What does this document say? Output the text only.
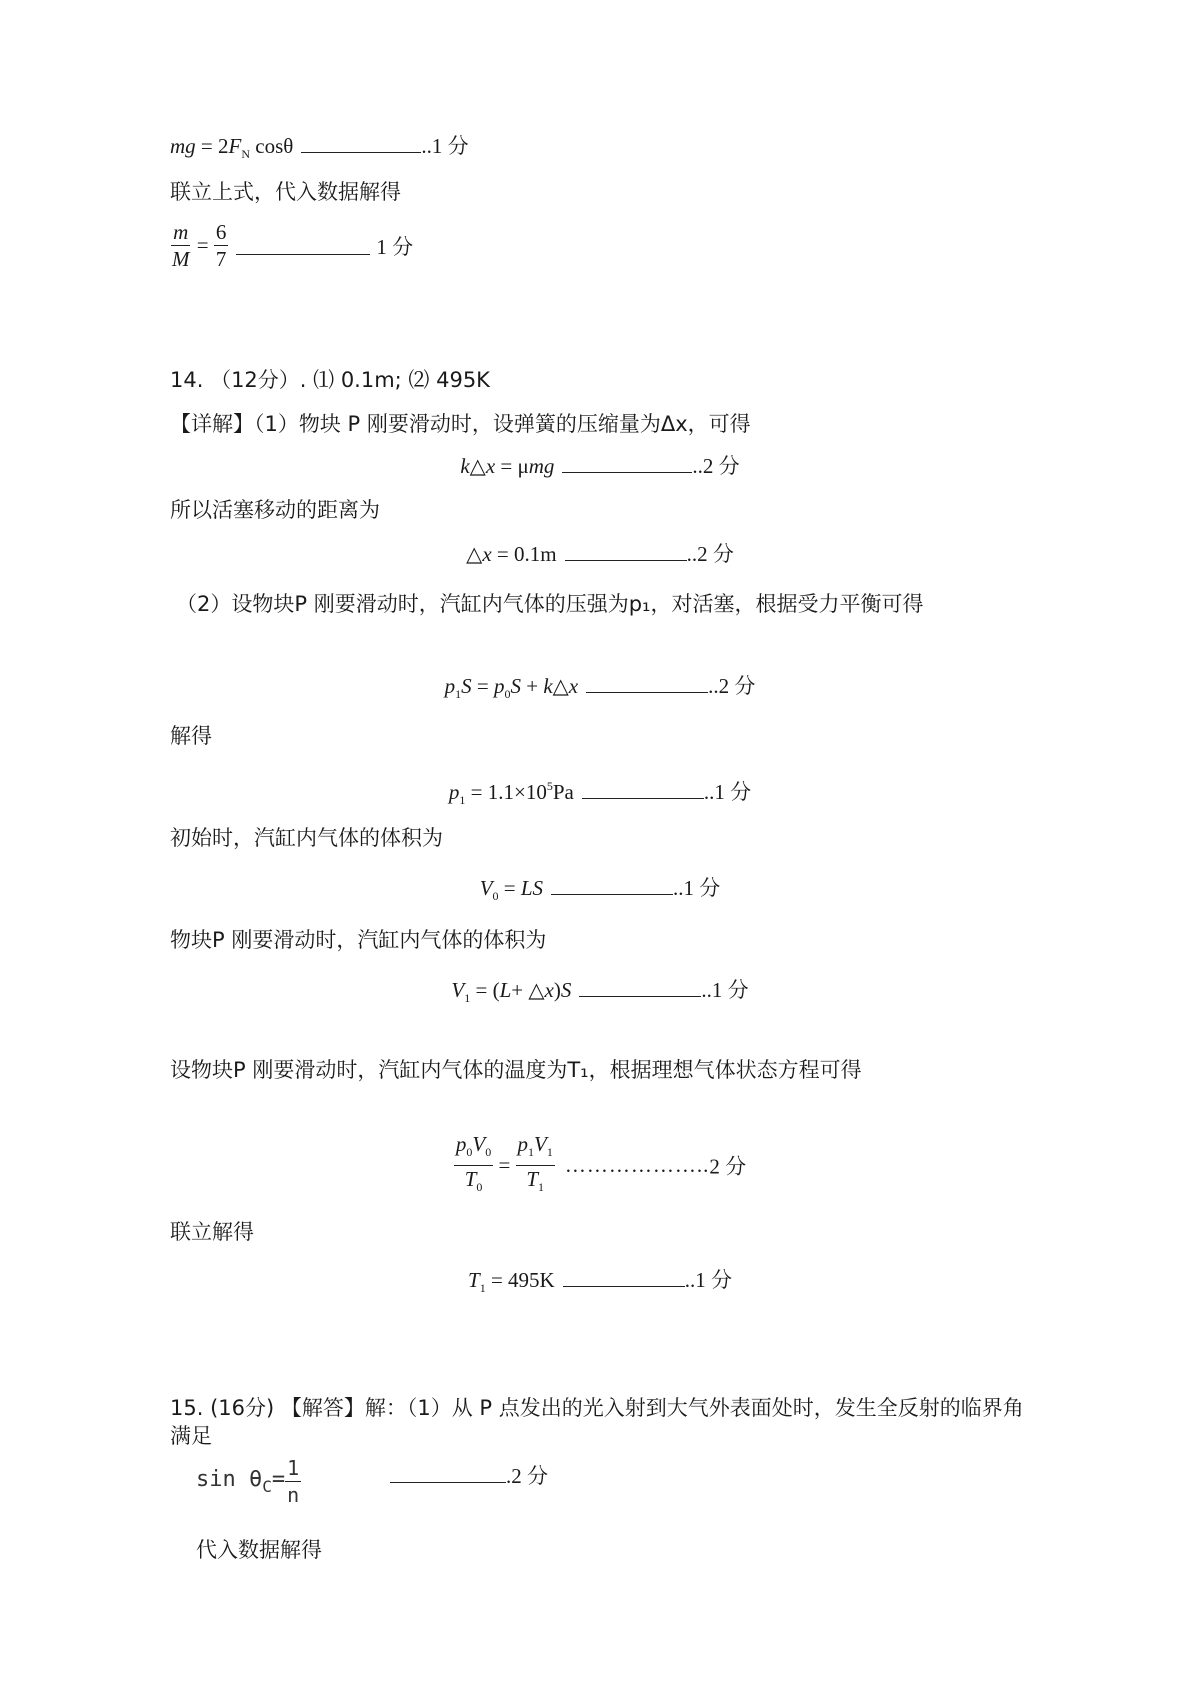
mg = $2F_N$ cosθ	..1 分
联立上式，代入数据解得
$\frac{m}{M} = \frac{6}{7}$	1 分
14. （12分）. ⑴ 0.1m; ⑵ 495K
【详解】（1）物块 P 刚要滑动时，设弹簧的压缩量为Δx，可得
k△x = μmg	..2 分
所以活塞移动的距离为
△x = 0.1m	..2 分
（2）设物块P 刚要滑动时，汽缸内气体的压强为p₁，对活塞，根据受力平衡可得
$p_1S = p_0S$ + k△x	..2 分
解得
$p_1 = 1.1\times 10^5Pa$	..1 分
初始时，汽缸内气体的体积为
$V_0$ = LS	..1 分
物块P 刚要滑动时，汽缸内气体的体积为
$V_1 = (L+$ △x)S	..1 分
设物块P 刚要滑动时，汽缸内气体的温度为T₁，根据理想气体状态方程可得
$\frac{p_0V_0}{T_0} = \frac{p_1V_1}{T_1}$ ………………..2 分
联立解得
$T_1 = 495K$	..1 分
15. (16分) 【解答】解：（1）从 P 点发出的光入射到大气外表面处时，发生全反射的临界角
满足
$\sin \theta_C= \frac{1}{n}$	.2 分
代入数据解得
